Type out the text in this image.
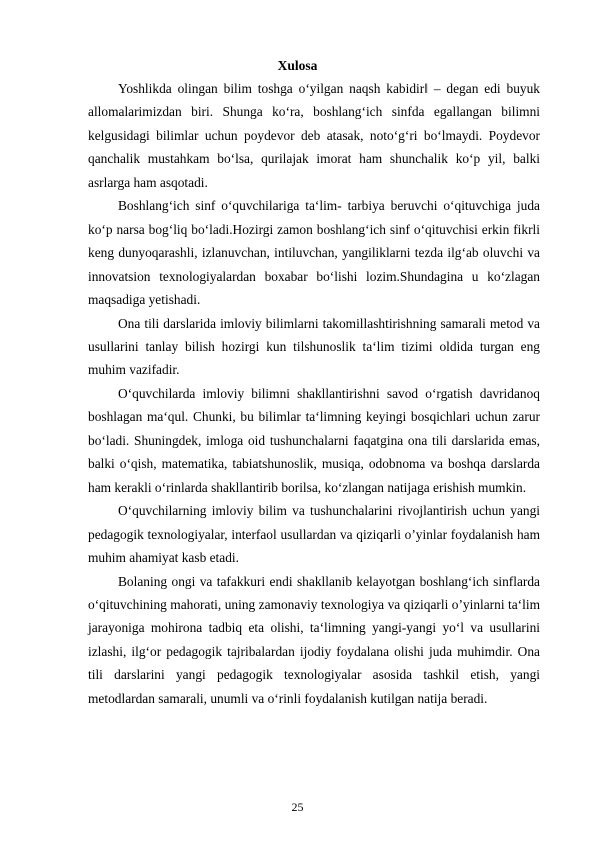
Xulosa

Yoshlikda olingan bilim toshga o‘yilgan naqsh kabidir‖ – degan edi buyuk allomalarimizdan biri. Shunga ko‘ra, boshlang‘ich sinfda egallangan bilimni kelgusidagi bilimlar uchun poydevor deb atasak, noto‘g‘ri bo‘lmaydi. Poydevor qanchalik mustahkam bo‘lsa, qurilajak imorat ham shunchalik ko‘p yil, balki asrlarga ham asqotadi.

Boshlang‘ich sinf o‘quvchilariga ta‘lim- tarbiya beruvchi o‘qituvchiga juda ko‘p narsa bog‘liq bo‘ladi.Hozirgi zamon boshlang‘ich sinf o‘qituvchisi erkin fikrli keng dunyoqarashli, izlanuvchan, intiluvchan, yangiliklarni tezda ilg‘ab oluvchi va innovatsion texnologiyalardan boxabar bo‘lishi lozim.Shundagina u ko‘zlagan maqsadiga yetishadi.

Ona tili darslarida imloviy bilimlarni takomillashtirishning samarali metod va usullarini tanlay bilish hozirgi kun tilshunoslik ta‘lim tizimi oldida turgan eng muhim vazifadir.

O‘quvchilarda imloviy bilimni shakllantirishni savod o‘rgatish davridanoq boshlagan ma‘qul. Chunki, bu bilimlar ta‘limning keyingi bosqichlari uchun zarur bo‘ladi. Shuningdek, imloga oid tushunchalarni faqatgina ona tili darslarida emas, balki o‘qish, matematika, tabiatshunoslik, musiqa, odobnoma va boshqa darslarda ham kerakli o‘rinlarda shakllantirib borilsa, ko‘zlangan natijaga erishish mumkin.

O‘quvchilarning imloviy bilim va tushunchalarini rivojlantirish uchun yangi pedagogik texnologiyalar, interfaol usullardan va qiziqarli o’yinlar foydalanish ham muhim ahamiyat kasb etadi.

Bolaning ongi va tafakkuri endi shakllanib kelayotgan boshlang‘ich sinflarda o‘qituvchining mahorati, uning zamonaviy texnologiya va qiziqarli o’yinlarni ta‘lim jarayoniga mohirona tadbiq eta olishi, ta‘limning yangi-yangi yo‘l va usullarini izlashi, ilg‘or pedagogik tajribalardan ijodiy foydalana olishi juda muhimdir. Ona tili darslarini yangi pedagogik texnologiyalar asosida tashkil etish, yangi metodlardan samarali, unumli va o‘rinli foydalanish kutilgan natija beradi.

25
